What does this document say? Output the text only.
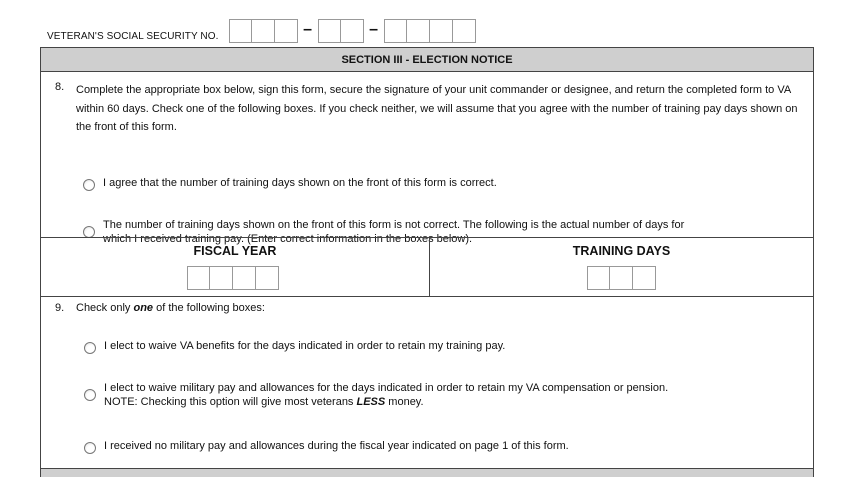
VETERAN'S SOCIAL SECURITY NO.	–	–
SECTION III - ELECTION NOTICE
8. Complete the appropriate box below, sign this form, secure the signature of your unit commander or designee, and return the completed form to VA within 60 days. Check one of the following boxes. If you check neither, we will assume that you agree with the number of training pay days shown on the front of this form.
I agree that the number of training days shown on the front of this form is correct.
The number of training days shown on the front of this form is not correct. The following is the actual number of days for
which I received training pay. (Enter correct information in the boxes below).
FISCAL YEAR	TRAINING DAYS
9. Check only one of the following boxes:
I elect to waive VA benefits for the days indicated in order to retain my training pay.
I elect to waive military pay and allowances for the days indicated in order to retain my VA compensation or pension.
NOTE: Checking this option will give most veterans LESS money.
I received no military pay and allowances during the fiscal year indicated on page 1 of this form.
